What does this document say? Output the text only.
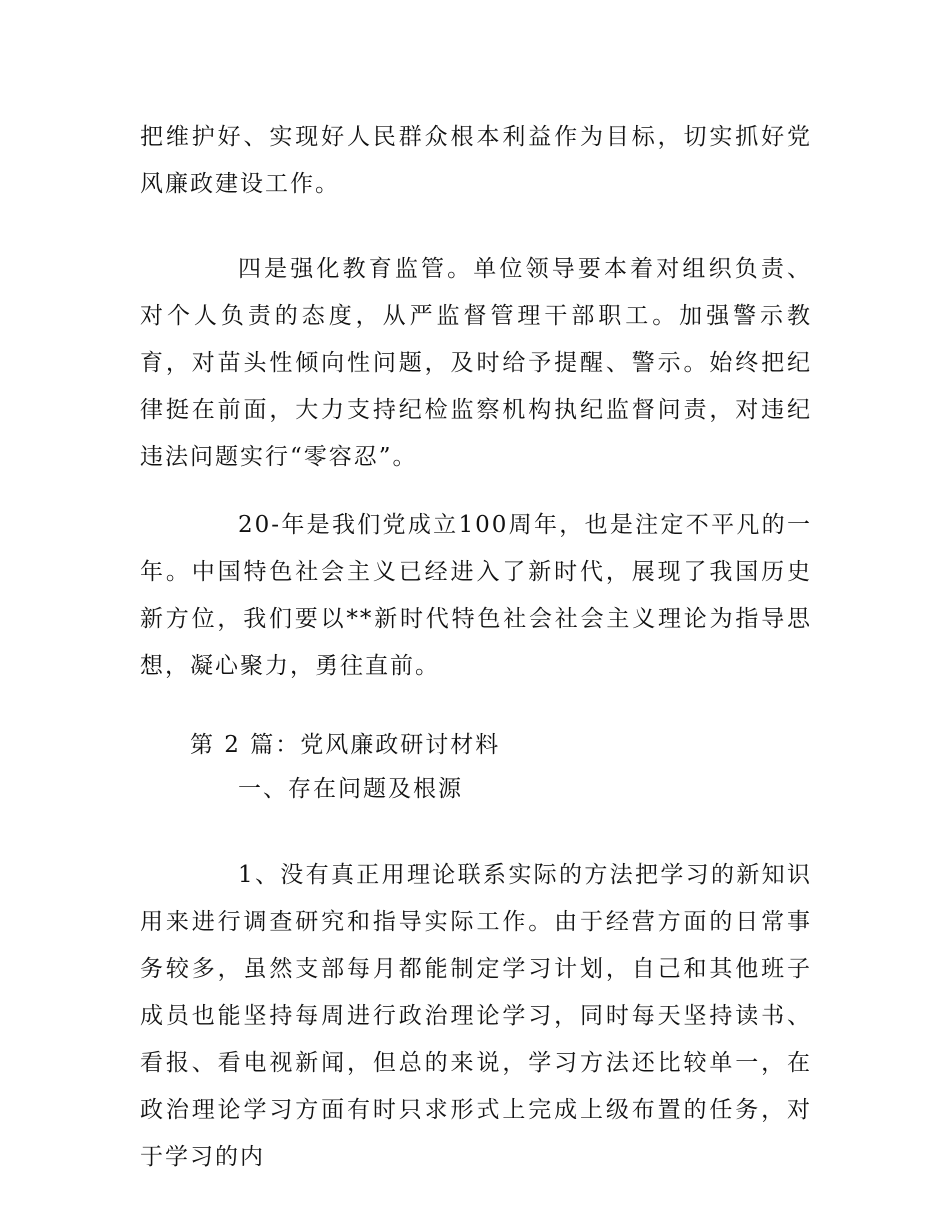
把维护好、实现好人民群众根本利益作为目标，切实抓好党风廉政建设工作。

四是强化教育监管。单位领导要本着对组织负责、对个人负责的态度，从严监督管理干部职工。加强警示教育，对苗头性倾向性问题，及时给予提醒、警示。始终把纪律挺在前面，大力支持纪检监察机构执纪监督问责，对违纪违法问题实行“零容忍”。

20-年是我们党成立100周年，也是注定不平凡的一年。中国特色社会主义已经进入了新时代，展现了我国历史新方位，我们要以**新时代特色社会社会主义理论为指导思想，凝心聚力，勇往直前。

第 2 篇：党风廉政研讨材料

一、存在问题及根源

1、没有真正用理论联系实际的方法把学习的新知识用来进行调查研究和指导实际工作。由于经营方面的日常事务较多，虽然支部每月都能制定学习计划，自己和其他班子成员也能坚持每周进行政治理论学习，同时每天坚持读书、看报、看电视新闻，但总的来说，学习方法还比较单一，在政治理论学习方面有时只求形式上完成上级布置的任务，对于学习的内
